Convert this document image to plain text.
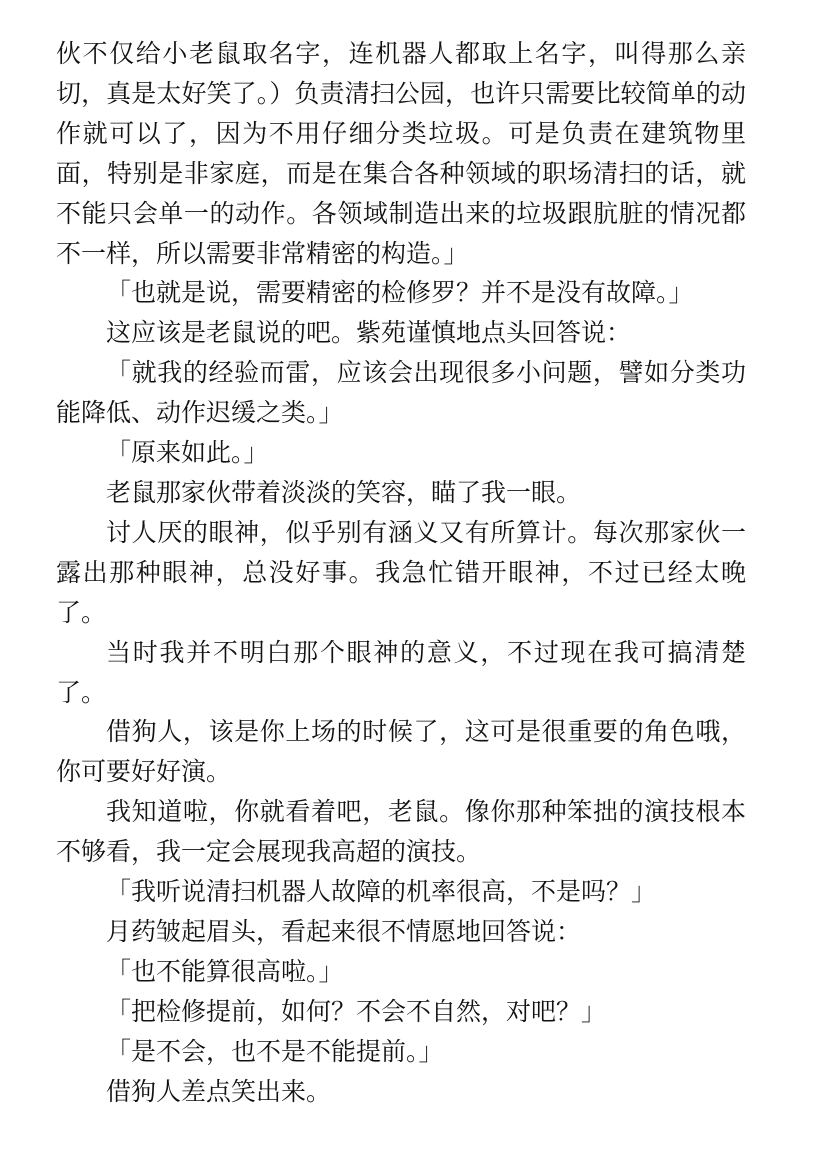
伙不仅给小老鼠取名字，连机器人都取上名字，叫得那么亲切，真是太好笑了。）负责清扫公园，也许只需要比较简单的动作就可以了，因为不用仔细分类垃圾。可是负责在建筑物里面，特别是非家庭，而是在集合各种领域的职场清扫的话，就不能只会单一的动作。各领域制造出来的垃圾跟肮脏的情况都不一样，所以需要非常精密的构造。」

「也就是说，需要精密的检修罗？并不是没有故障。」

这应该是老鼠说的吧。紫苑谨慎地点头回答说：

「就我的经验而雷，应该会出现很多小问题，譬如分类功能降低、动作迟缓之类。」

「原来如此。」

老鼠那家伙带着淡淡的笑容，瞄了我一眼。

讨人厌的眼神，似乎别有涵义又有所算计。每次那家伙一露出那种眼神，总没好事。我急忙错开眼神，不过已经太晚了。

当时我并不明白那个眼神的意义，不过现在我可搞清楚了。

借狗人，该是你上场的时候了，这可是很重要的角色哦，你可要好好演。

我知道啦，你就看着吧，老鼠。像你那种笨拙的演技根本不够看，我一定会展现我高超的演技。

「我听说清扫机器人故障的机率很高，不是吗？」

月药皱起眉头，看起来很不情愿地回答说：

「也不能算很高啦。」

「把检修提前，如何？不会不自然，对吧？」

「是不会，也不是不能提前。」

借狗人差点笑出来。
